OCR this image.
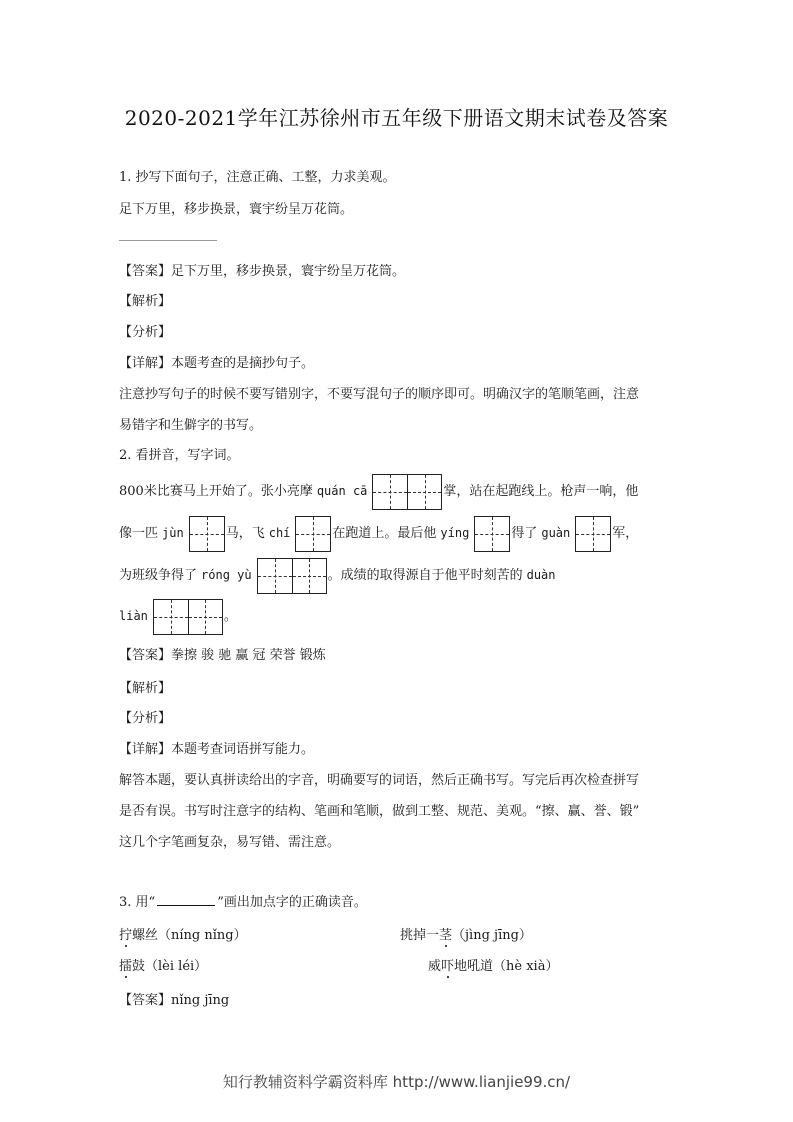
2020-2021学年江苏徐州市五年级下册语文期末试卷及答案
1. 抄写下面句子，注意正确、工整，力求美观。
足下万里，移步换景，寰宇纷呈万花筒。
【答案】足下万里，移步换景，寰宇纷呈万花筒。
【解析】
【分析】
【详解】本题考查的是摘抄句子。
注意抄写句子的时候不要写错别字，不要写混句子的顺序即可。明确汉字的笔顺笔画，注意
易错字和生僻字的书写。
2. 看拼音，写字词。
800米比赛马上开始了。张小亮摩 quán cā	掌，站在起跑线上。枪声一响，他
像一匹 jùn	马，飞 chí	在跑道上。最后他 yíng	得了 guàn	军，
为班级争得了 róng yù	。成绩的取得源自于他平时刻苦的 duàn
liàn	。
【答案】拳擦 骏 驰 赢 冠 荣誉 锻炼
【解析】
【分析】
【详解】本题考查词语拼写能力。
解答本题，要认真拼读给出的字音，明确要写的词语，然后正确书写。写完后再次检查拼写
是否有误。书写时注意字的结构、笔画和笔顺，做到工整、规范、美观。“擦、赢、誉、锻”
这几个字笔画复杂，易写错、需注意。
3. 用“	”画出加点字的正确读音。
拧螺丝（níng nǐng）	挑掉一茎（jìng jīng）
擂鼓（lèi léi）	威吓地吼道（hè xià）
【答案】nǐng jīng
知行教辅资料学霸资料库 http://www.lianjie99.cn/
